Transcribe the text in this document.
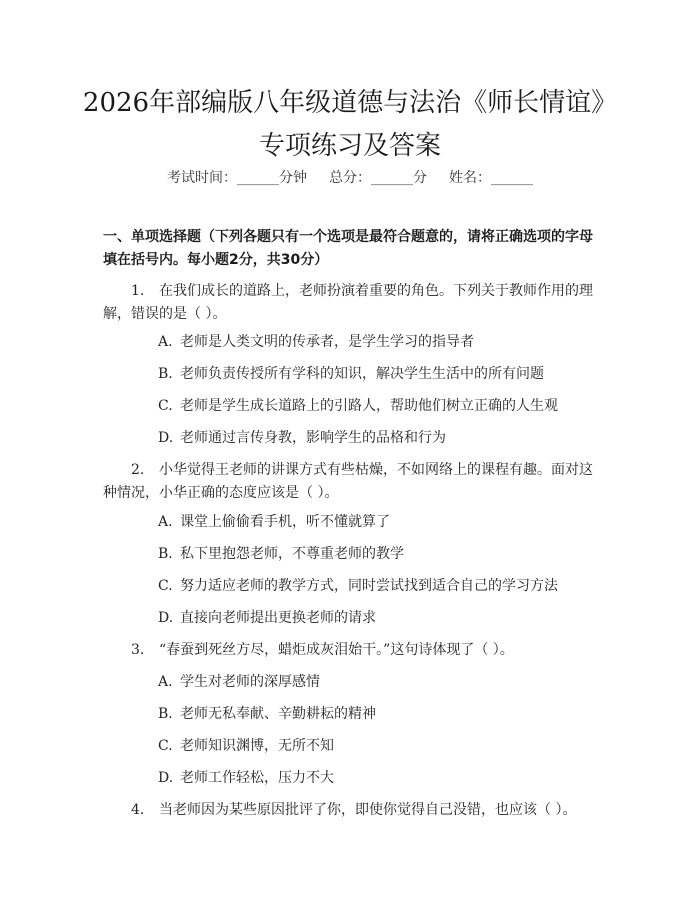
2026年部编版八年级道德与法治《师长情谊》专项练习及答案
考试时间：______分钟 总分：______分 姓名：______
一、单项选择题（下列各题只有一个选项是最符合题意的，请将正确选项的字母填在括号内。每小题2分，共30分）
1. 在我们成长的道路上，老师扮演着重要的角色。下列关于教师作用的理解，错误的是（ ）。
A. 老师是人类文明的传承者，是学生学习的指导者
B. 老师负责传授所有学科的知识，解决学生生活中的所有问题
C. 老师是学生成长道路上的引路人，帮助他们树立正确的人生观
D. 老师通过言传身教，影响学生的品格和行为
2. 小华觉得王老师的讲课方式有些枯燥，不如网络上的课程有趣。面对这种情况，小华正确的态度应该是（ ）。
A. 课堂上偷偷看手机，听不懂就算了
B. 私下里抱怨老师，不尊重老师的教学
C. 努力适应老师的教学方式，同时尝试找到适合自己的学习方法
D. 直接向老师提出更换老师的请求
3. “春蚕到死丝方尽，蜡炬成灰泪始干。”这句诗体现了（ ）。
A. 学生对老师的深厚感情
B. 老师无私奉献、辛勤耕耘的精神
C. 老师知识渊博，无所不知
D. 老师工作轻松，压力不大
4. 当老师因为某些原因批评了你，即使你觉得自己没错，也应该（ ）。
